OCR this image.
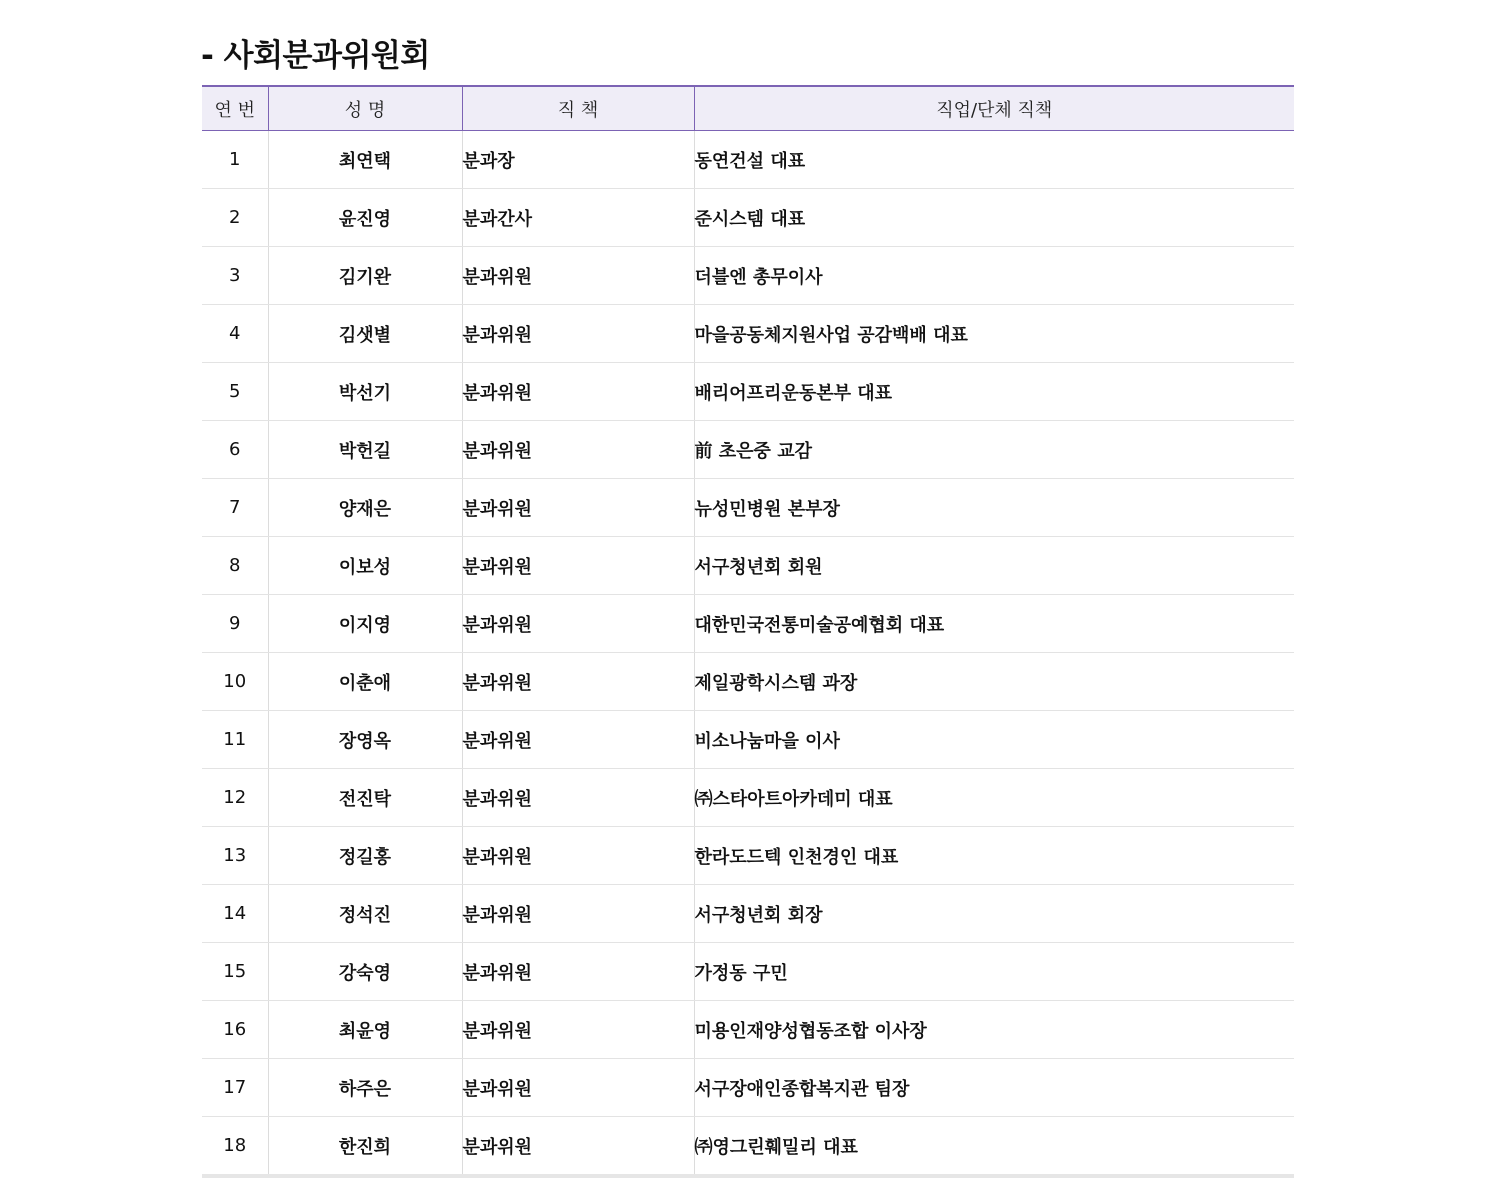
- 사회분과위원회
연 번	성 명	직 책	직업/단체 직책
1	최연택	분과장	동연건설 대표
2	윤진영	분과간사	준시스템 대표
3	김기완	분과위원	더블엔 총무이사
4	김샛별	분과위원	마을공동체지원사업 공감백배 대표
5	박선기	분과위원	배리어프리운동본부 대표
6	박헌길	분과위원	前 초은중 교감
7	양재은	분과위원	뉴성민병원 본부장
8	이보성	분과위원	서구청년회 회원
9	이지영	분과위원	대한민국전통미술공예협회 대표
10	이춘애	분과위원	제일광학시스템 과장
11	장영옥	분과위원	비소나눔마을 이사
12	전진탁	분과위원	㈜스타아트아카데미 대표
13	정길홍	분과위원	한라도드텍 인천경인 대표
14	정석진	분과위원	서구청년회 회장
15	강숙영	분과위원	가정동 구민
16	최윤영	분과위원	미용인재양성협동조합 이사장
17	하주은	분과위원	서구장애인종합복지관 팀장
18	한진희	분과위원	㈜영그린훼밀리 대표
